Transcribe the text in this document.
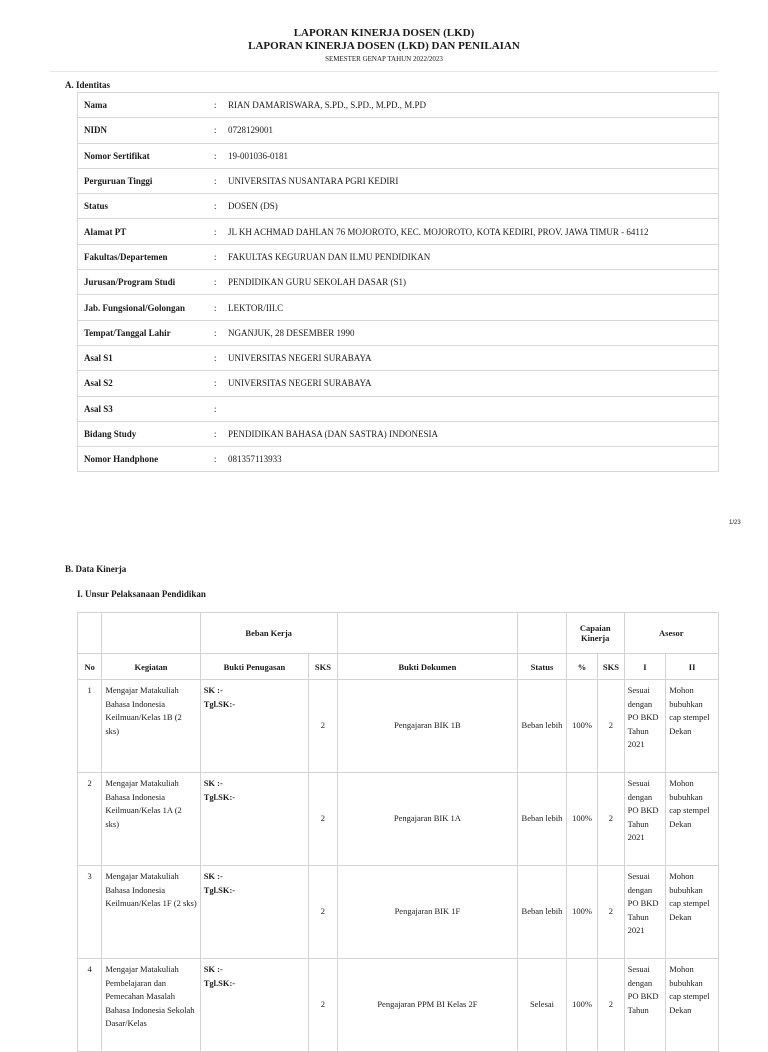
LAPORAN KINERJA DOSEN (LKD)
LAPORAN KINERJA DOSEN (LKD) DAN PENILAIAN
SEMESTER GENAP TAHUN 2022/2023
A. Identitas
Nama	:	RIAN DAMARISWARA, S.PD., S.PD., M.PD., M.PD
NIDN	:	0728129001
Nomor Sertifikat	:	19-001036-0181
Perguruan Tinggi	:	UNIVERSITAS NUSANTARA PGRI KEDIRI
Status	:	DOSEN (DS)
Alamat PT	:	JL KH ACHMAD DAHLAN 76 MOJOROTO, KEC. MOJOROTO, KOTA KEDIRI, PROV. JAWA TIMUR - 64112
Fakultas/Departemen	:	FAKULTAS KEGURUAN DAN ILMU PENDIDIKAN
Jurusan/Program Studi	:	PENDIDIKAN GURU SEKOLAH DASAR (S1)
Jab. Fungsional/Golongan	:	LEKTOR/III.C
Tempat/Tanggal Lahir	:	NGANJUK, 28 DESEMBER 1990
Asal S1	:	UNIVERSITAS NEGERI SURABAYA
Asal S2	:	UNIVERSITAS NEGERI SURABAYA
Asal S3	:	
Bidang Study	:	PENDIDIKAN BAHASA (DAN SASTRA) INDONESIA
Nomor Handphone	:	081357113933
1/23
B. Data Kinerja
I. Unsur Pelaksanaan Pendidikan
		Beban Kerja				Capaian Kinerja		Asesor	
No	Kegiatan	Bukti Penugasan	SKS	Bukti Dokumen	Status	%	SKS	I	II
1	Mengajar Matakuliah Bahasa Indonesia Keilmuan/Kelas 1B (2 sks)	SK :-
Tgl.SK:-	2	Pengajaran BIK 1B	Beban lebih	100%	2	Sesuai dengan PO BKD Tahun 2021	Mohon bubuhkan cap stempel Dekan
2	Mengajar Matakuliah Bahasa Indonesia Keilmuan/Kelas 1A (2 sks)	SK :-
Tgl.SK:-	2	Pengajaran BIK 1A	Beban lebih	100%	2	Sesuai dengan PO BKD Tahun 2021	Mohon bubuhkan cap stempel Dekan
3	Mengajar Matakuliah Bahasa Indonesia Keilmuan/Kelas 1F (2 sks)	SK :-
Tgl.SK:-	2	Pengajaran BIK 1F	Beban lebih	100%	2	Sesuai dengan PO BKD Tahun 2021	Mohon bubuhkan cap stempel Dekan
4	Mengajar Matakuliah Pembelajaran dan Pemecahan Masalah Bahasa Indonesia Sekolah Dasar/Kelas	SK :-
Tgl.SK:-	2	Pengajaran PPM BI Kelas 2F	Selesai	100%	2	Sesuai dengan PO BKD Tahun	Mohon bubuhkan cap stempel Dekan
